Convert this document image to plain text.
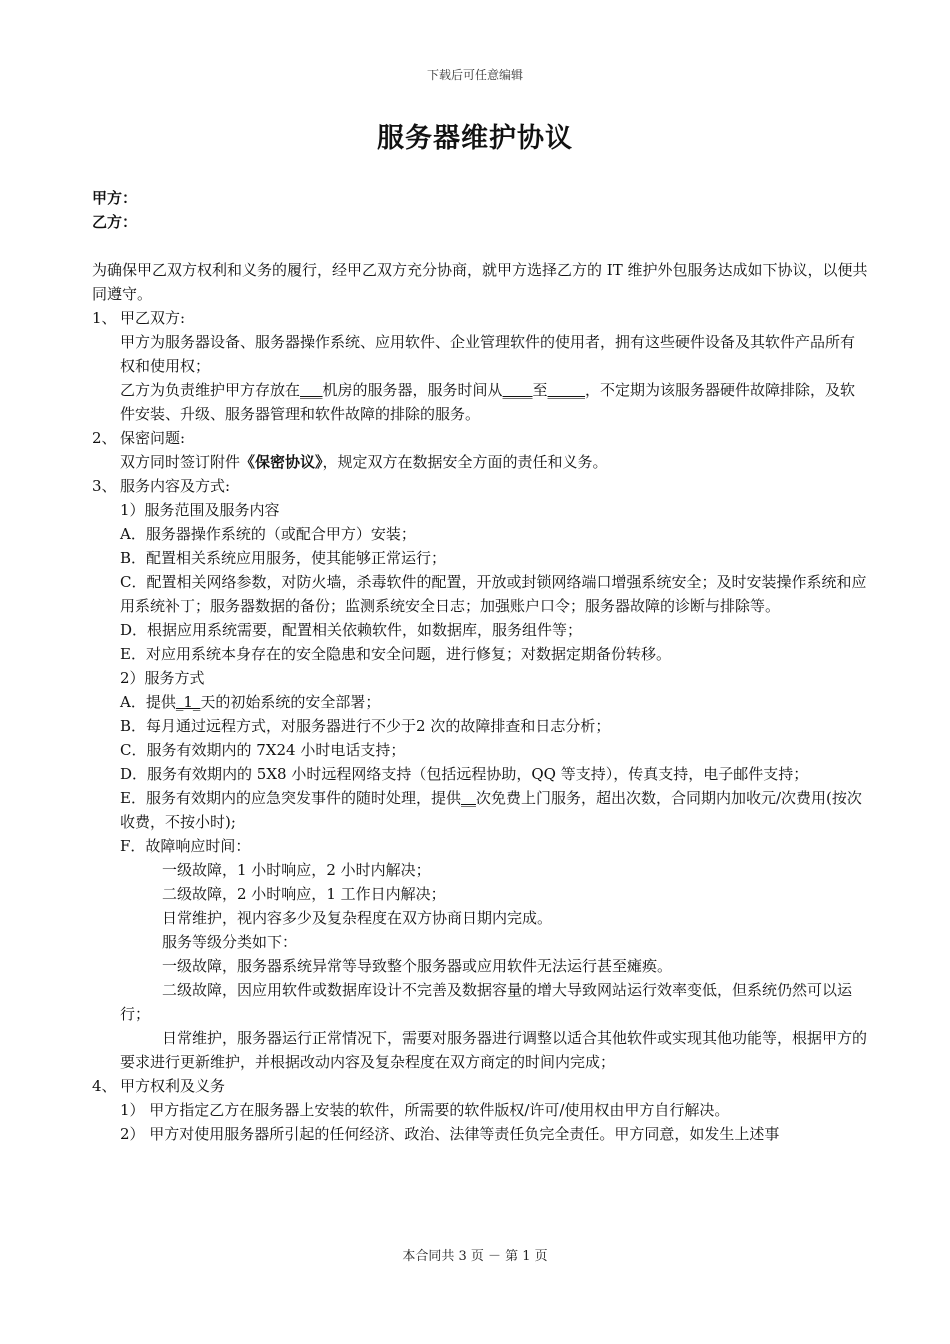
下载后可任意编辑
服务器维护协议
甲方：
乙方：
为确保甲乙双方权利和义务的履行，经甲乙双方充分协商，就甲方选择乙方的 IT 维护外包服务达成如下协议，以便共同遵守。
1、 甲乙双方:
甲方为服务器设备、服务器操作系统、应用软件、企业管理软件的使用者，拥有这些硬件设备及其软件产品所有权和使用权；
乙方为负责维护甲方存放在___机房的服务器，服务时间从____至_____，不定期为该服务器硬件故障排除，及软件安装、升级、服务器管理和软件故障的排除的服务。
2、 保密问题:
双方同时签订附件《保密协议》，规定双方在数据安全方面的责任和义务。
3、 服务内容及方式:
1）服务范围及服务内容
A．服务器操作系统的（或配合甲方）安装；
B．配置相关系统应用服务，使其能够正常运行；
C．配置相关网络参数，对防火墙，杀毒软件的配置，开放或封锁网络端口增强系统安全；及时安装操作系统和应用系统补丁；服务器数据的备份；监测系统安全日志；加强账户口令；服务器故障的诊断与排除等。
D．根据应用系统需要，配置相关依赖软件，如数据库，服务组件等；
E．对应用系统本身存在的安全隐患和安全问题，进行修复；对数据定期备份转移。
2）服务方式
A．提供_1_天的初始系统的安全部署；
B．每月通过远程方式，对服务器进行不少于2 次的故障排查和日志分析；
C．服务有效期内的 7X24 小时电话支持；
D．服务有效期内的 5X8 小时远程网络支持（包括远程协助，QQ 等支持），传真支持，电子邮件支持；
E．服务有效期内的应急突发事件的随时处理，提供__次免费上门服务，超出次数，合同期内加收元/次费用(按次收费，不按小时);
F．故障响应时间：
一级故障，1 小时响应，2 小时内解决；
二级故障，2 小时响应，1 工作日内解决；
日常维护，视内容多少及复杂程度在双方协商日期内完成。
服务等级分类如下：
一级故障，服务器系统异常等导致整个服务器或应用软件无法运行甚至瘫痪。
二级故障，因应用软件或数据库设计不完善及数据容量的增大导致网站运行效率变低，但系统仍然可以运行；
日常维护，服务器运行正常情况下，需要对服务器进行调整以适合其他软件或实现其他功能等，根据甲方的要求进行更新维护，并根据改动内容及复杂程度在双方商定的时间内完成；
4、 甲方权利及义务
1） 甲方指定乙方在服务器上安装的软件，所需要的软件版权/许可/使用权由甲方自行解决。
2） 甲方对使用服务器所引起的任何经济、政治、法律等责任负完全责任。甲方同意，如发生上述事
本合同共 3 页 － 第 1 页
